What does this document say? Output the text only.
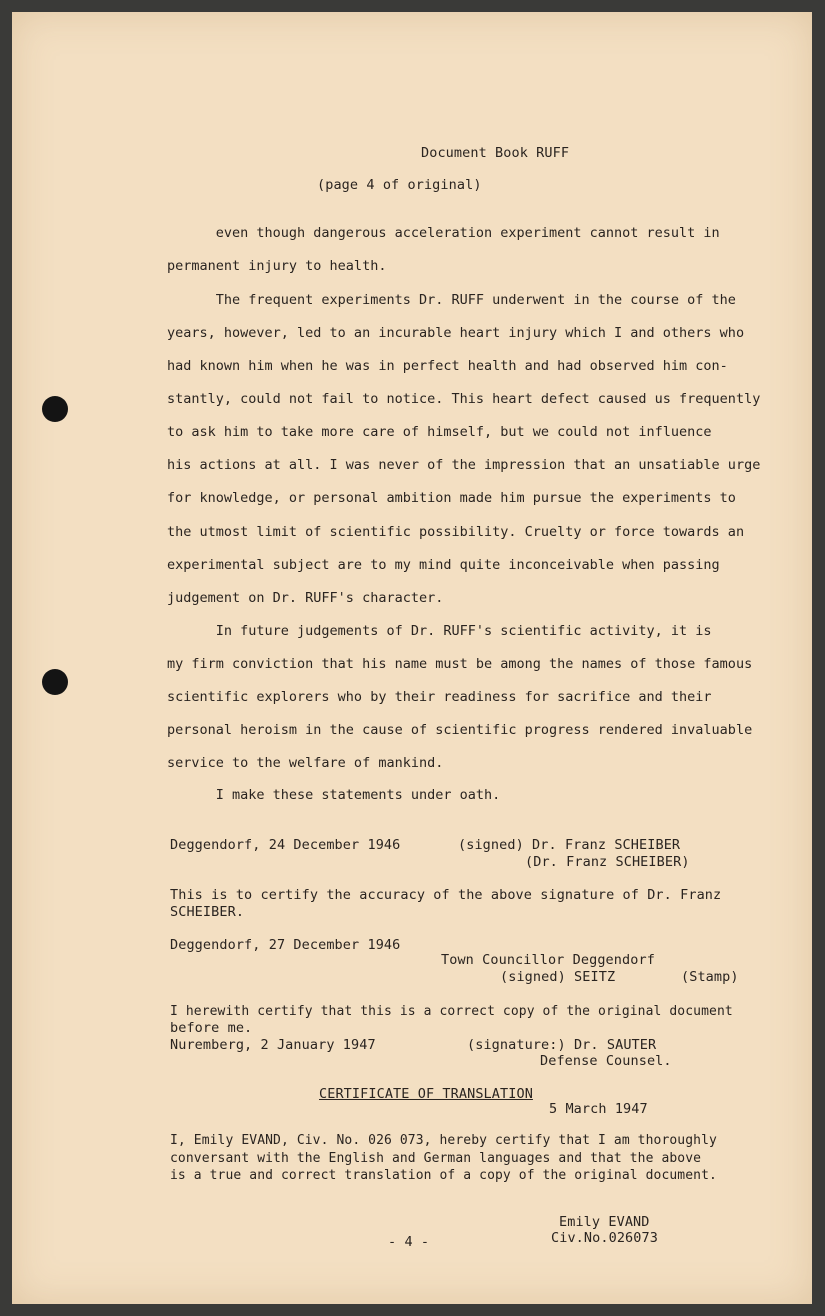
Document Book RUFF
(page 4 of original)
even though dangerous acceleration experiment cannot result in
permanent injury to health.
The frequent experiments Dr. RUFF underwent in the course of the
years, however, led to an incurable heart injury which I and others who
had known him when he was in perfect health and had observed him con-
stantly, could not fail to notice. This heart defect caused us frequently
to ask him to take more care of himself, but we could not influence
his actions at all. I was never of the impression that an unsatiable urge
for knowledge, or personal ambition made him pursue the experiments to
the utmost limit of scientific possibility. Cruelty or force towards an
experimental subject are to my mind quite inconceivable when passing
judgement on Dr. RUFF's character.
In future judgements of Dr. RUFF's scientific activity, it is
my firm conviction that his name must be among the names of those famous
scientific explorers who by their readiness for sacrifice and their
personal heroism in the cause of scientific progress rendered invaluable
service to the welfare of mankind.
I make these statements under oath.
Deggendorf, 24 December 1946	(signed) Dr. Franz SCHEIBER
(Dr. Franz SCHEIBER)
This is to certify the accuracy of the above signature of Dr. Franz
SCHEIBER.
Deggendorf, 27 December 1946
Town Councillor Deggendorf
(signed) SEITZ	(Stamp)
I herewith certify that this is a correct copy of the original document
before me.
Nuremberg, 2 January 1947	(signature:) Dr. SAUTER
Defense Counsel.
CERTIFICATE OF TRANSLATION
5 March 1947
I, Emily EVAND, Civ. No. 026 073, hereby certify that I am thoroughly
conversant with the English and German languages and that the above
is a true and correct translation of a copy of the original document.
- 4 -
Emily EVAND
Civ.No.026073
